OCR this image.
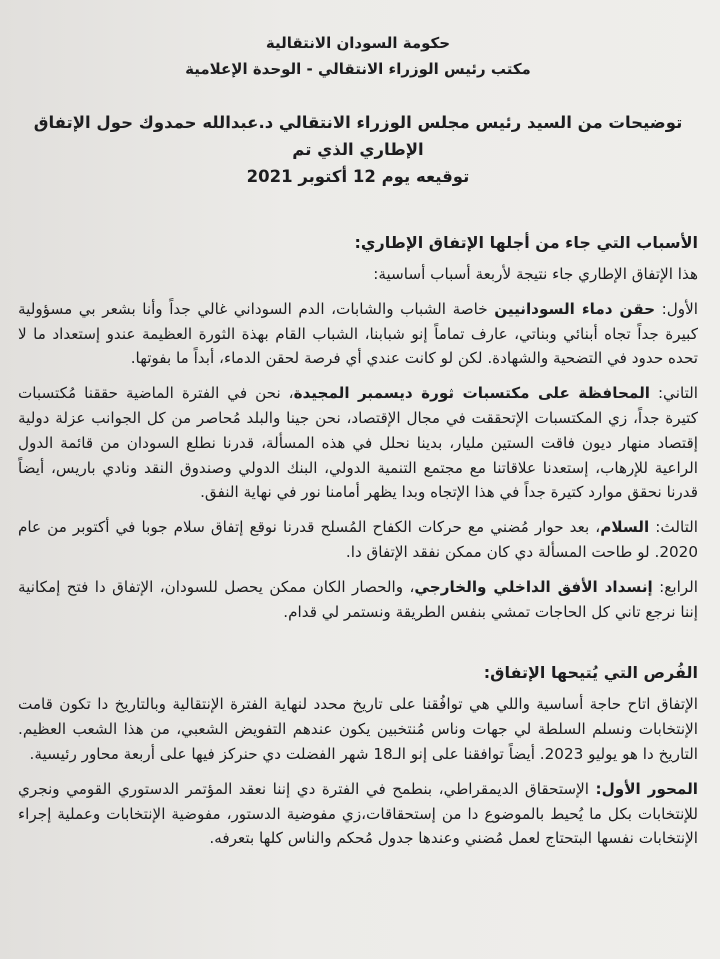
حكومة السودان الانتقالية
مكتب رئيس الوزراء الانتقالي - الوحدة الإعلامية
توضيحات من السيد رئيس مجلس الوزراء الانتقالي د.عبدالله حمدوك حول الإتفاق الإطاري الذي تم
توقيعه يوم 12 أكتوبر 2021
الأسباب التي جاء من أجلها الإتفاق الإطاري:
هذا الإتفاق الإطاري جاء نتيجة لأربعة أسباب أساسية:
الأول: حقن دماء السودانيين خاصة الشباب والشابات، الدم السوداني غالي جداً وأنا بشعر بي مسؤولية كبيرة جداً تجاه أبنائي وبناتي، عارف تماماً إنو شبابنا، الشباب القام بهذة الثورة العظيمة عندو إستعداد ما لا تحده حدود في التضحية والشهادة. لكن لو كانت عندي أي فرصة لحقن الدماء، أبداً ما بفوتها.
التاني: المحافظة على مكتسبات ثورة ديسمبر المجيدة، نحن في الفترة الماضية حققنا مُكتسبات كتيرة جداً، زي المكتسبات الإتحققت في مجال الإقتصاد، نحن جينا والبلد مُحاصر من كل الجوانب عزلة دولية إقتصاد منهار ديون فاقت الستين مليار، بدينا نحلل في هذه المسألة، قدرنا نطلع السودان من قائمة الدول الراعية للإرهاب، إستعدنا علاقاتنا مع مجتمع التنمية الدولي، البنك الدولي وصندوق النقد ونادي باريس، أيضاً قدرنا نحقق موارد كتيرة جداً في هذا الإتجاه وبدا يظهر أمامنا نور في نهاية النفق.
التالث: السلام، بعد حوار مُضني مع حركات الكفاح المُسلح قدرنا نوقع إتفاق سلام جوبا في أكتوبر من عام 2020. لو طاحت المسألة دي كان ممكن نفقد الإتفاق دا.
الرابع: إنسداد الأفق الداخلي والخارجي، والحصار الكان ممكن يحصل للسودان، الإتفاق دا فتح إمكانية إننا نرجع تاني كل الحاجات تمشي بنفس الطريقة ونستمر لي قدام.
الفُرص التي يُتيحها الإتفاق:
الإتفاق اتاح حاجة أساسية واللي هي توافُقنا على تاريخ محدد لنهاية الفترة الإنتقالية وبالتاريخ دا تكون قامت الإنتخابات ونسلم السلطة لي جهات وناس مُنتخبين يكون عندهم التفويض الشعبي، من هذا الشعب العظيم. التاريخ دا هو يوليو 2023. أيضاً توافقنا على إنو الـ18 شهر الفضلت دي حنركز فيها على أربعة محاور رئيسية.
المحور الأول: الإستحقاق الديمقراطي، بنطمح في الفترة دي إننا نعقد المؤتمر الدستوري القومي ونجري للإنتخابات بكل ما يُحيط بالموضوع دا من إستحقاقات،زي مفوضية الدستور، مفوضية الإنتخابات وعملية إجراء الإنتخابات نفسها البتحتاج لعمل مُضني وعندها جدول مُحكم والناس كلها بتعرفه.
